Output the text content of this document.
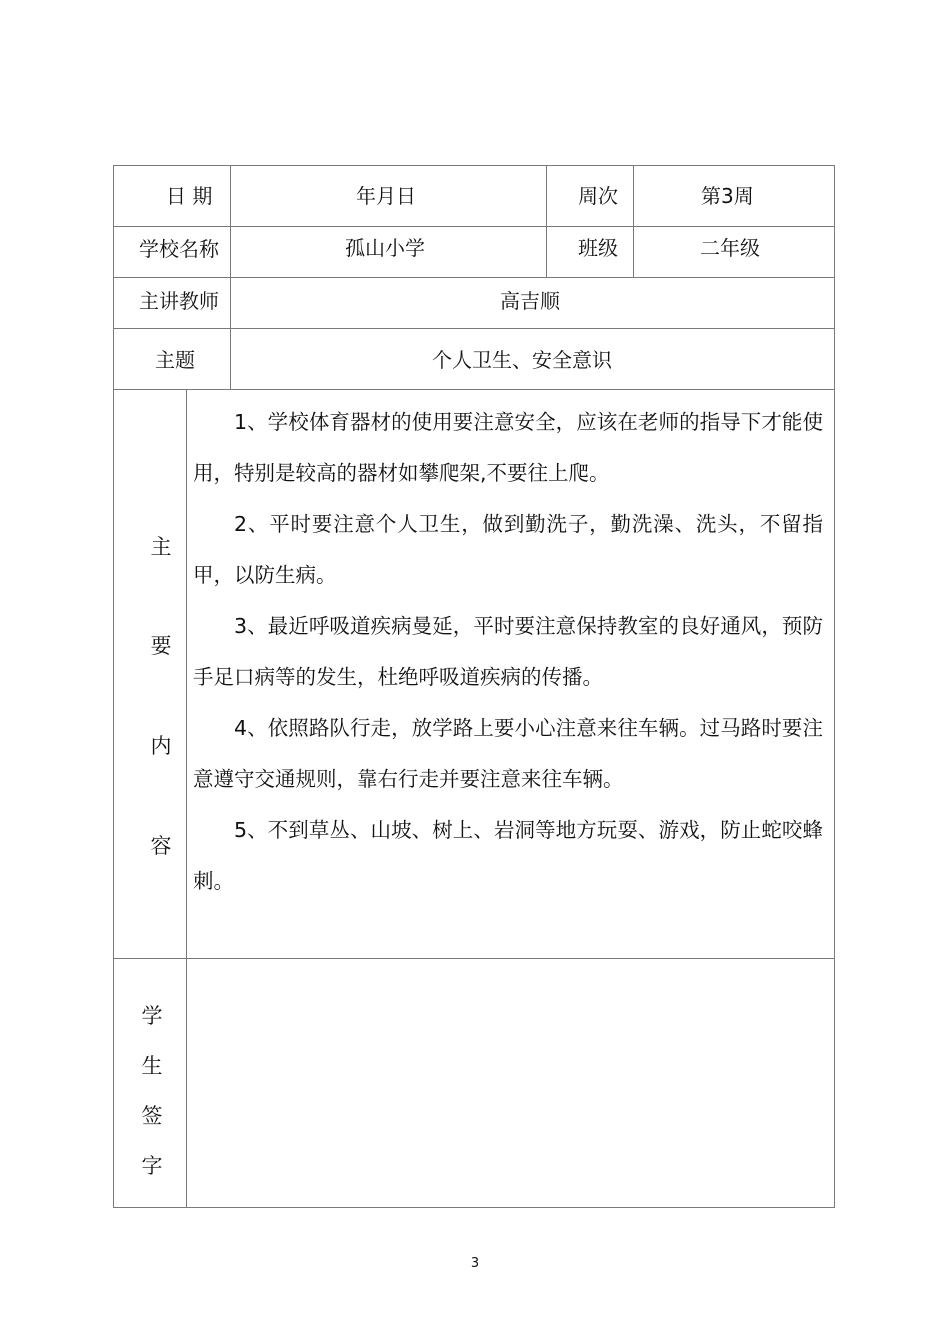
日 期	年月日	周次	第3周
学校名称	孤山小学	班级	二年级
主讲教师	高吉顺
主题	个人卫生、安全意识
主
要
内
容

1、学校体育器材的使用要注意安全，应该在老师的指导下才能使用，特别是较高的器材如攀爬架,不要往上爬。

2、平时要注意个人卫生，做到勤洗子，勤洗澡、洗头，不留指甲，以防生病。

3、最近呼吸道疾病曼延，平时要注意保持教室的良好通风，预防手足口病等的发生，杜绝呼吸道疾病的传播。

4、依照路队行走，放学路上要小心注意来往车辆。过马路时要注意遵守交通规则，靠右行走并要注意来往车辆。

5、不到草丛、山坡、树上、岩洞等地方玩耍、游戏，防止蛇咬蜂刺。

学
生
签
字
3
